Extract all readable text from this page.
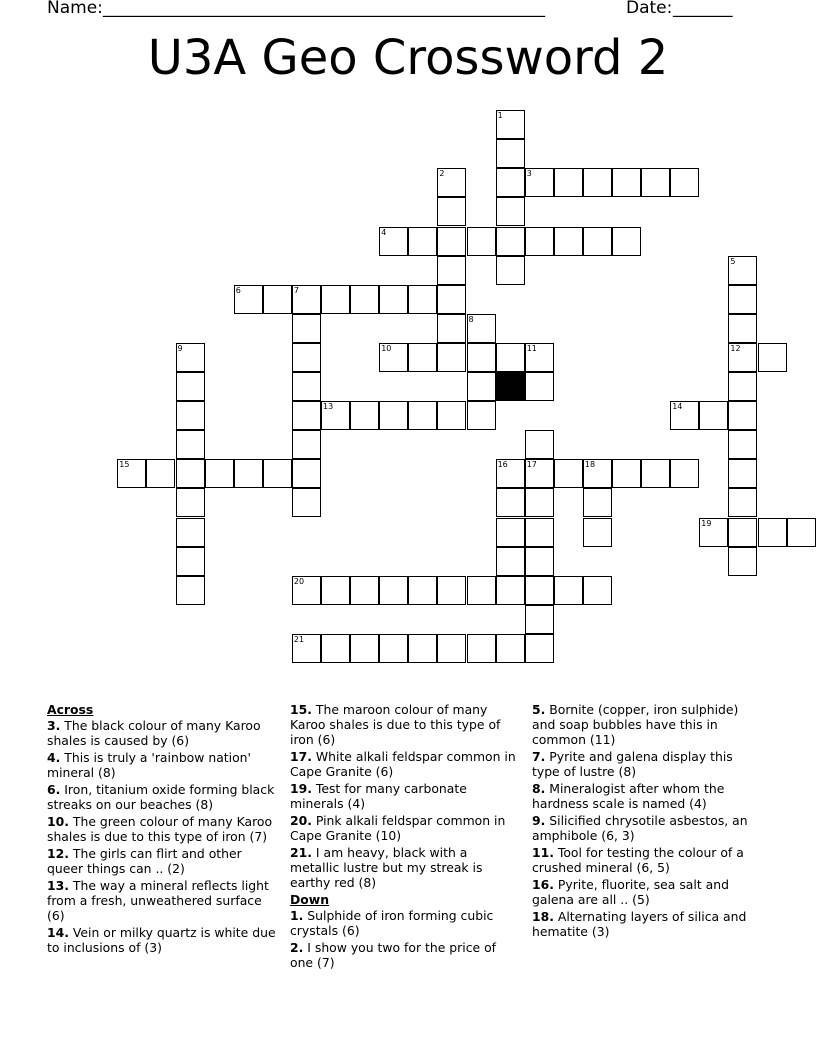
Name:
____________________________________________________	Date:
_______
U3A Geo Crossword 2
1
2	3
4
5
6	7
8
9	10	11	12
13	14
15	16 17	18
19
20
21
Across
3. The black colour of many Karoo shales is caused by (6)
4. This is truly a 'rainbow nation' mineral (8)
6. Iron, titanium oxide forming black streaks on our beaches (8)
10. The green colour of many Karoo shales is due to this type of iron (7)
12. The girls can flirt and other queer things can .. (2)
13. The way a mineral reflects light from a fresh, unweathered surface (6)
14. Vein or milky quartz is white due to inclusions of (3)
15. The maroon colour of many Karoo shales is due to this type of iron (6)
17. White alkali feldspar common in Cape Granite (6)
19. Test for many carbonate minerals (4)
20. Pink alkali feldspar common in Cape Granite (10)
21. I am heavy, black with a metallic lustre but my streak is earthy red (8)
Down
1. Sulphide of iron forming cubic crystals (6)
2. I show you two for the price of one (7)
5. Bornite (copper, iron sulphide) and soap bubbles have this in common (11)
7. Pyrite and galena display this type of lustre (8)
8. Mineralogist after whom the hardness scale is named (4)
9. Silicified chrysotile asbestos, an amphibole (6, 3)
11. Tool for testing the colour of a crushed mineral (6, 5)
16. Pyrite, fluorite, sea salt and galena are all .. (5)
18. Alternating layers of silica and hematite (3)
